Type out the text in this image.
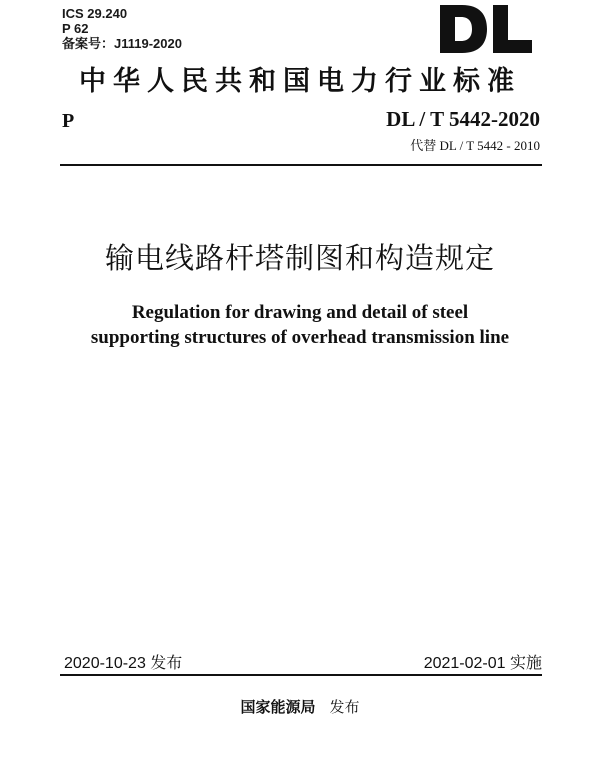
ICS 29.240
P 62
备案号：J1119-2020
中华人民共和国电力行业标准
P	DL / T 5442-2020
代替 DL / T 5442 - 2010
输电线路杆塔制图和构造规定
Regulation for drawing and detail of steel
supporting structures of overhead transmission line
2020-10-23 发布	2021-02-01 实施
国家能源局 发布
